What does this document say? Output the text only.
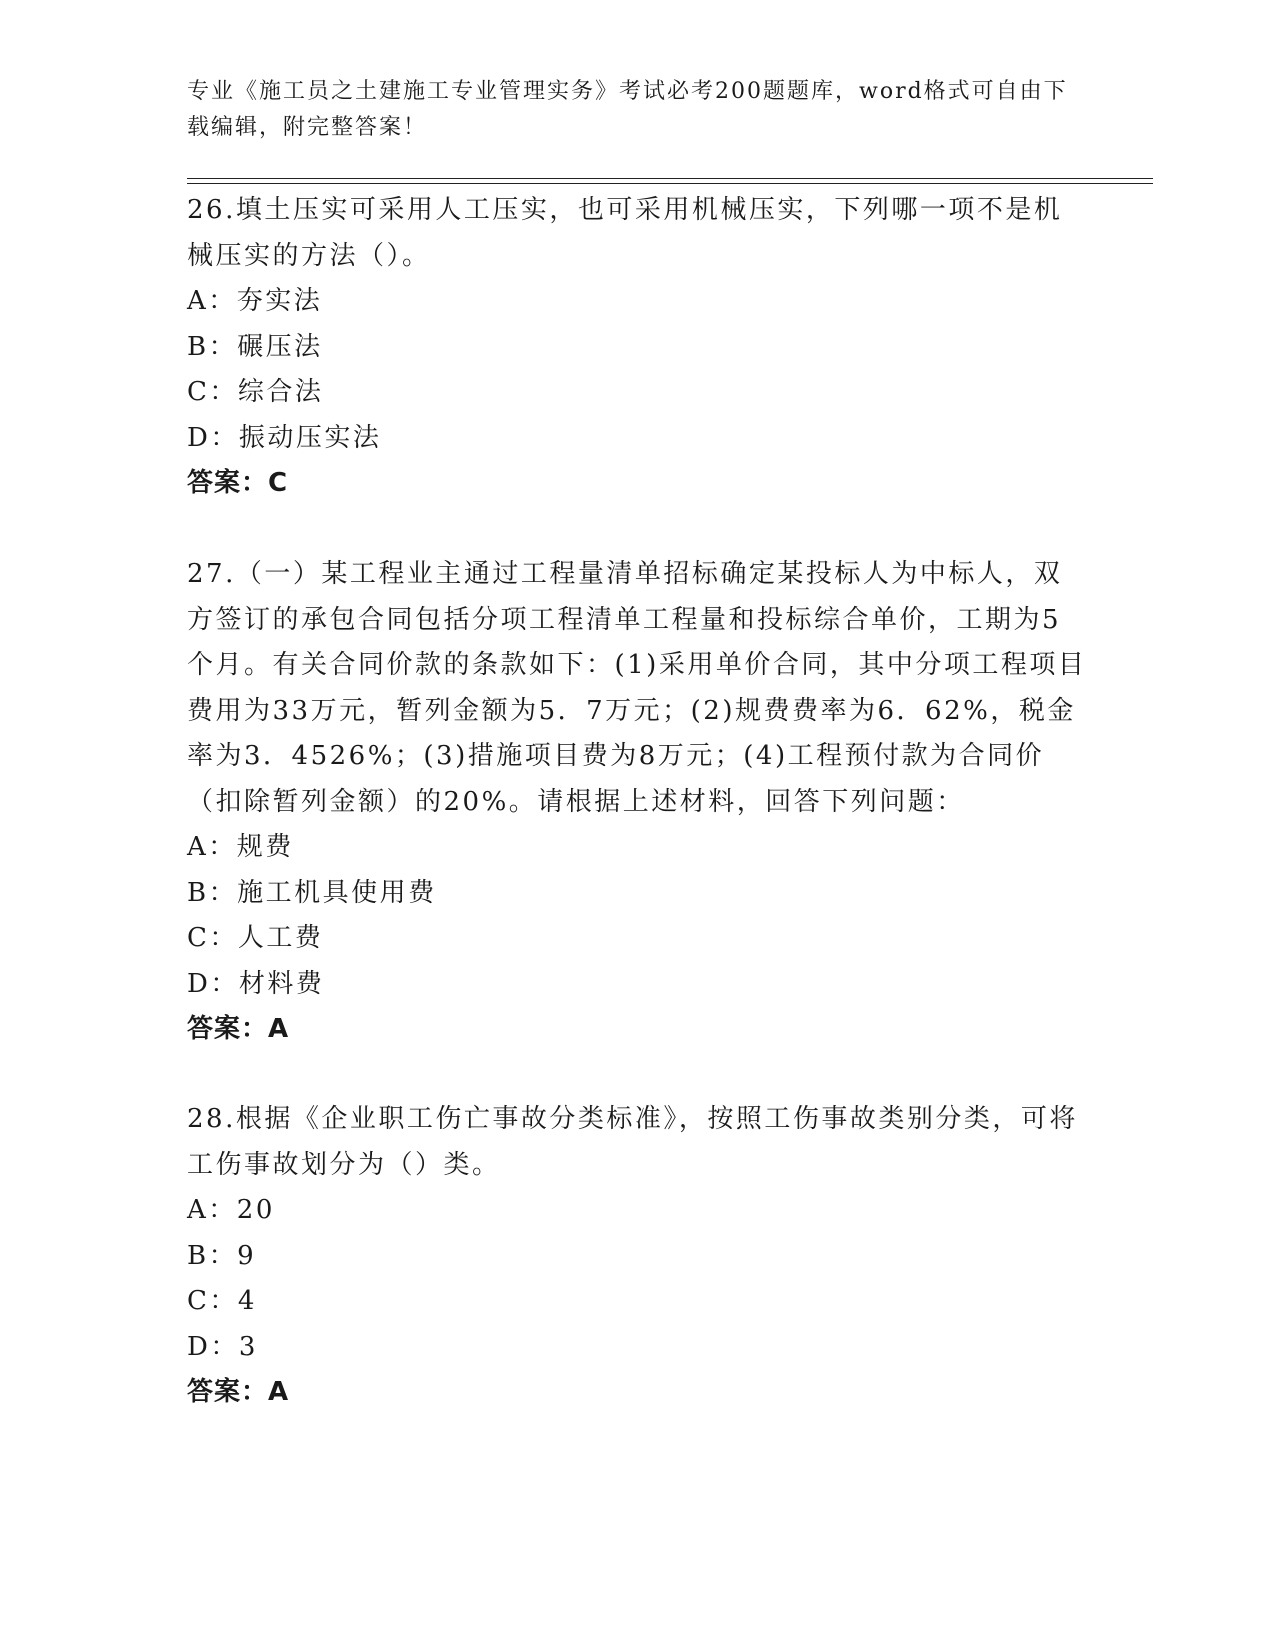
专业《施工员之土建施工专业管理实务》考试必考200题题库，word格式可自由下载编辑，附完整答案！

26.填土压实可采用人工压实，也可采用机械压实，下列哪一项不是机械压实的方法（）。

A：夯实法

B：碾压法

C：综合法

D：振动压实法

答案：C

27.（一）某工程业主通过工程量清单招标确定某投标人为中标人，双方签订的承包合同包括分项工程清单工程量和投标综合单价，工期为5个月。有关合同价款的条款如下：(1)采用单价合同，其中分项工程项目费用为33万元，暂列金额为5．7万元；(2)规费费率为6．62%，税金率为3．4526%；(3)措施项目费为8万元；(4)工程预付款为合同价（扣除暂列金额）的20%。请根据上述材料，回答下列问题：

A：规费

B：施工机具使用费

C：人工费

D：材料费

答案：A

28.根据《企业职工伤亡事故分类标准》，按照工伤事故类别分类，可将工伤事故划分为（）类。

A：20

B：9

C：4

D：3

答案：A
